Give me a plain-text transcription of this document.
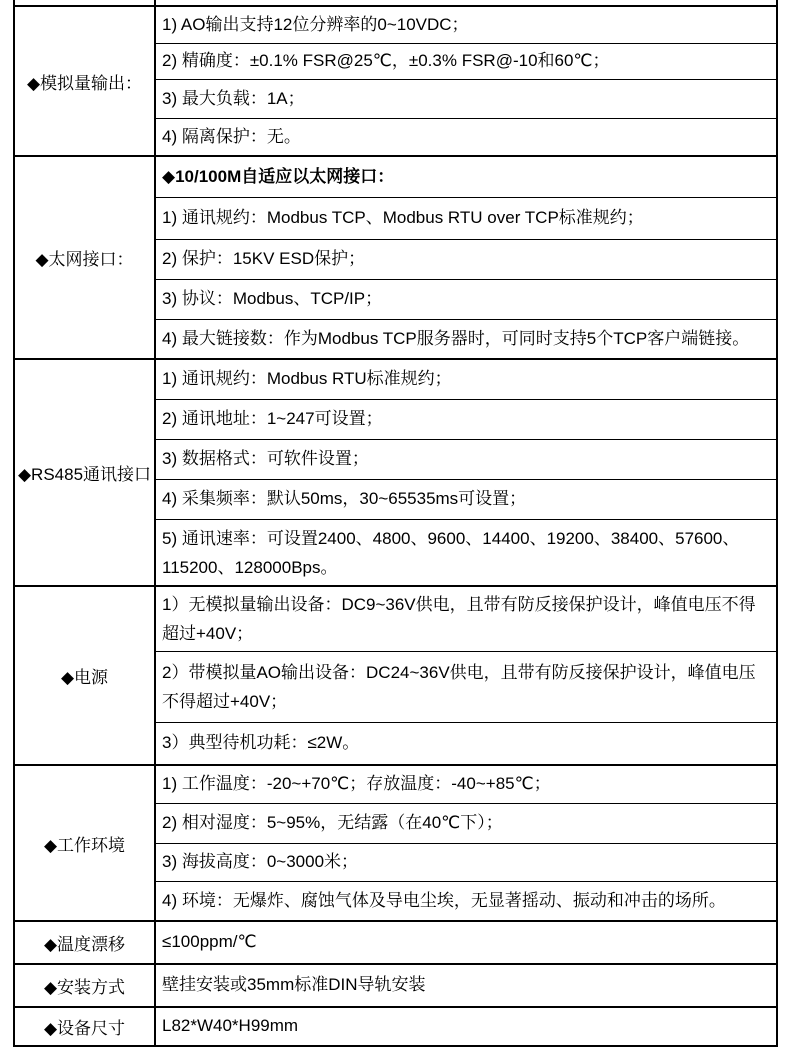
◆模拟量输出：
1) AO输出支持12位分辨率的0~10VDC；
2) 精确度：±0.1% FSR@25℃，±0.3% FSR@-10和60℃；
3) 最大负载：1A；
4) 隔离保护：无。
◆太网接口：
◆10/100M自适应以太网接口：
1) 通讯规约：Modbus TCP、Modbus RTU over TCP标准规约；
2) 保护：15KV ESD保护；
3) 协议：Modbus、TCP/IP；
4) 最大链接数：作为Modbus TCP服务器时，可同时支持5个TCP客户端链接。
◆RS485通讯接口
1) 通讯规约：Modbus RTU标准规约；
2) 通讯地址：1~247可设置；
3) 数据格式：可软件设置；
4) 采集频率：默认50ms，30~65535ms可设置；
5) 通讯速率：可设置2400、4800、9600、14400、19200、38400、57600、115200、128000Bps。
◆电源
1）无模拟量输出设备：DC9~36V供电，且带有防反接保护设计，峰值电压不得超过+40V；
2）带模拟量AO输出设备：DC24~36V供电，且带有防反接保护设计，峰值电压不得超过+40V；
3）典型待机功耗：≤2W。
◆工作环境
1) 工作温度：-20~+70℃；存放温度：-40~+85℃；
2) 相对湿度：5~95%，无结露（在40℃下）；
3) 海拔高度：0~3000米；
4) 环境：无爆炸、腐蚀气体及导电尘埃，无显著摇动、振动和冲击的场所。
◆温度漂移	≤100ppm/℃
◆安装方式	壁挂安装或35mm标准DIN导轨安装
◆设备尺寸	L82*W40*H99mm
